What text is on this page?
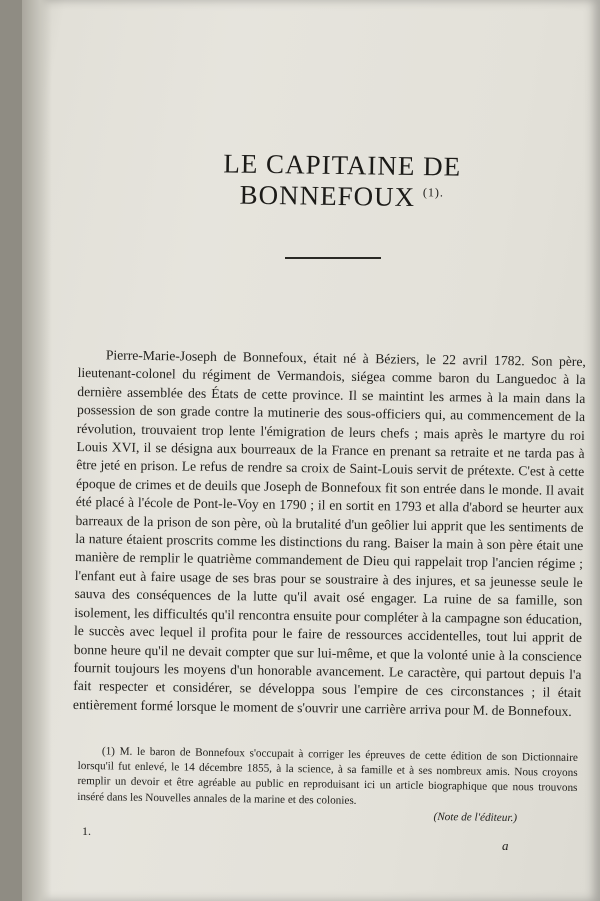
LE CAPITAINE DE BONNEFOUX $^{(1).}$
Pierre-Marie-Joseph de Bonnefoux, était né à Béziers, le 22 avril 1782. Son père, lieutenant-colonel du régiment de Vermandois, siégea comme baron du Languedoc à la dernière assemblée des États de cette province. Il se maintint les armes à la main dans la possession de son grade contre la mutinerie des sous-officiers qui, au commencement de la révolution, trouvaient trop lente l'émigration de leurs chefs ; mais après le martyre du roi Louis XVI, il se désigna aux bourreaux de la France en prenant sa retraite et ne tarda pas à être jeté en prison. Le refus de rendre sa croix de Saint-Louis servit de prétexte. C'est à cette époque de crimes et de deuils que Joseph de Bonnefoux fit son entrée dans le monde. Il avait été placé à l'école de Pont-le-Voy en 1790 ; il en sortit en 1793 et alla d'abord se heurter aux barreaux de la prison de son père, où la brutalité d'un geôlier lui apprit que les sentiments de la nature étaient proscrits comme les distinctions du rang. Baiser la main à son père était une manière de remplir le quatrième commandement de Dieu qui rappelait trop l'ancien régime ; l'enfant eut à faire usage de ses bras pour se soustraire à des injures, et sa jeunesse seule le sauva des conséquences de la lutte qu'il avait osé engager. La ruine de sa famille, son isolement, les difficultés qu'il rencontra ensuite pour compléter à la campagne son éducation, le succès avec lequel il profita pour le faire de ressources accidentelles, tout lui apprit de bonne heure qu'il ne devait compter que sur lui-même, et que la volonté unie à la conscience fournit toujours les moyens d'un honorable avancement. Le caractère, qui partout depuis l'a fait respecter et considérer, se développa sous l'empire de ces circonstances ; il était entièrement formé lorsque le moment de s'ouvrir une carrière arriva pour M. de Bonnefoux.
(1) M. le baron de Bonnefoux s'occupait à corriger les épreuves de cette édition de son Dictionnaire lorsqu'il fut enlevé, le 14 décembre 1855, à la science, à sa famille et à ses nombreux amis. Nous croyons remplir un devoir et être agréable au public en reproduisant ici un article biographique que nous trouvons inséré dans les Nouvelles annales de la marine et des colonies.
(Note de l'éditeur.)
1.
a
